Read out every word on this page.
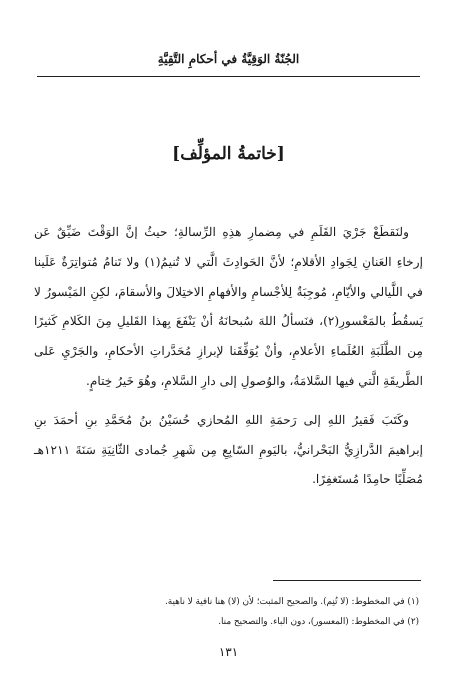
الجُنّةُ الوَقِيَّةُ في أحكامِ التَّقِيَّةِ
[خاتمةُ المؤلِّف]

ولنَقطَعْ جَرْيَ القَلَمِ في مِضمارِ هذِهِ الرِّسالةِ؛ حيثُ إنَّ الوَقْتَ ضَيِّقٌ عَن إرخاءِ العَنانِ لِجَوادِ الأقلامِ؛ لأنَّ الحَوادِثَ الَّتي لا تُنيمُ(١) ولا تَنامُ مُتواتِرَةٌ عَلَينا في اللَّيالي والأيّامِ، مُوجِبَةٌ لِلأجْسامِ والأفهامِ الاختِلالَ والأسقامَ، لكِنِ المَيْسورُ لا يَسقُطُ بالمَعْسورِ(٢)، فنَسألُ اللهَ سُبحانَهُ أنْ يَنْفَعَ بِهذا القَليلِ مِنَ الكَلامِ كَثيرًا مِن الطَّلَبَةِ العُلَماءِ الأعلامِ، وأنْ يُوَفِّقَنا لإبرازِ مُحَدَّراتِ الأحكامِ، والجَرْيِ عَلى الطَّريقَةِ الَّتي فيها السَّلامَةُ، والوُصولِ إلى دارِ السَّلامِ، وهُوَ خَيرُ خِتامٍ.

وكَتَبَ فَقيرُ اللهِ إلى رَحمَةِ اللهِ المُحازي حُسَيْنُ بنُ مُحَمَّدِ بنِ أحمَدَ بنِ إبراهيمَ الدَّرازِيُّ البَحْرانيُّ، باليَومِ السّابِعِ مِن شَهرِ جُمادى الثّانِيَةِ سَنَةَ ١٢١١هـ مُصَلِّيًا حامِدًا مُستَغفِرًا.

(١) في المخطوط: (لا تُنِم). والصحيح المثبت؛ لأن (لا) هنا نافية لا ناهية.
(٢) في المخطوط: (المعسور)، دون الباء. والتصحيح منا.
١٣١
